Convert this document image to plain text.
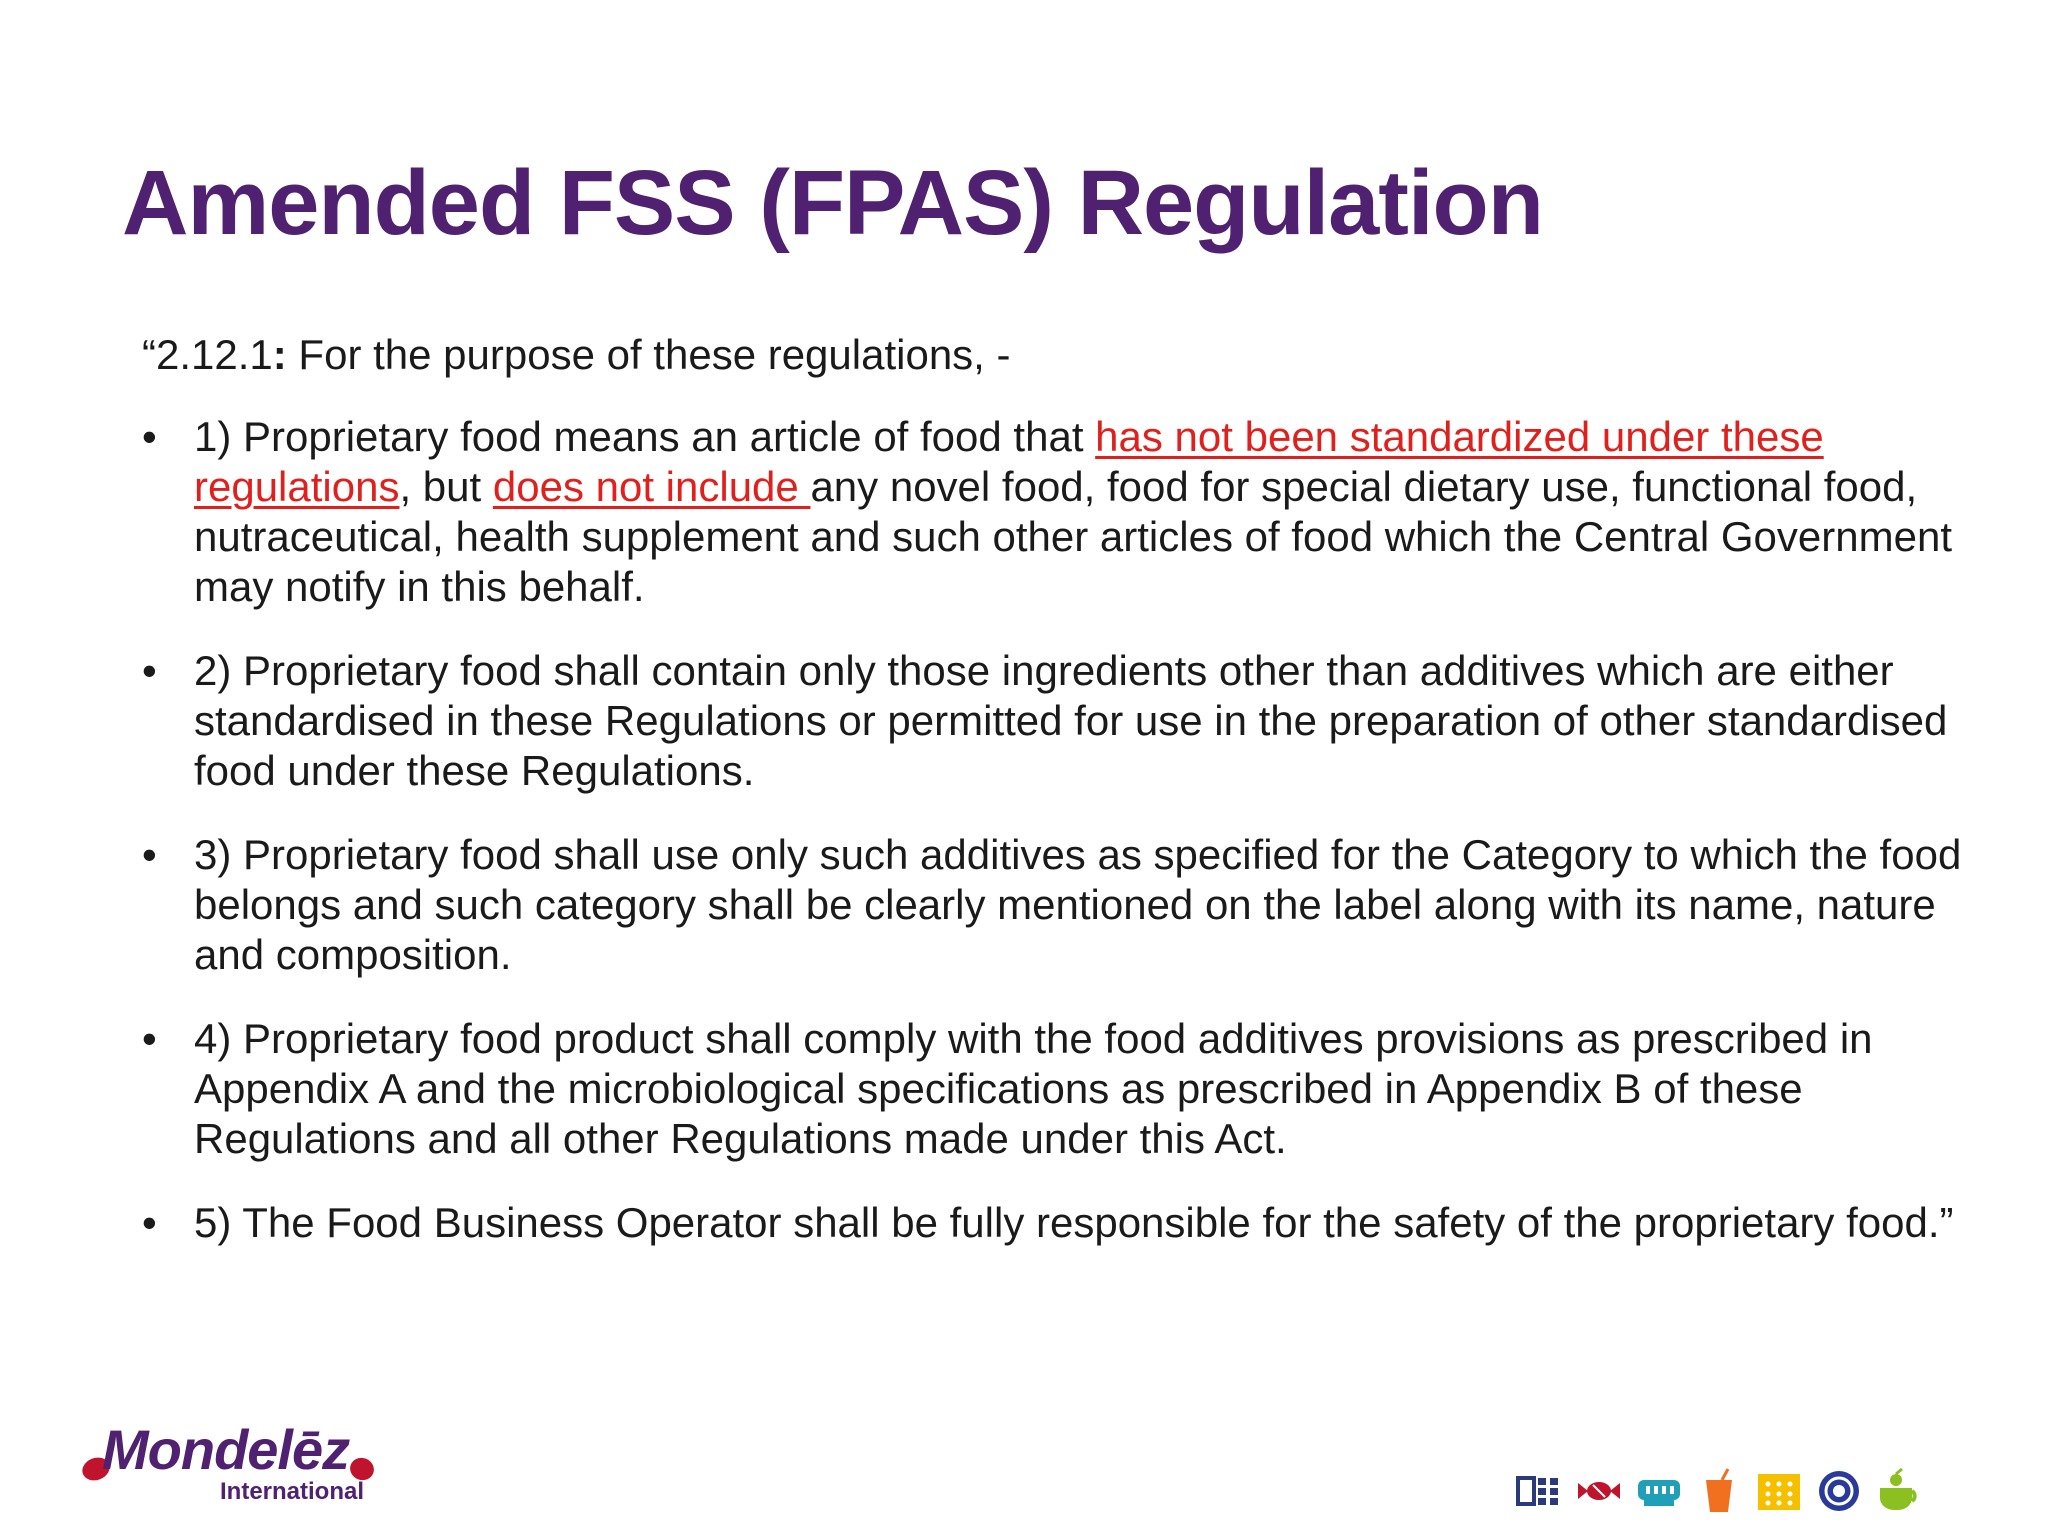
Amended FSS (FPAS) Regulation
“2.12.1: For the purpose of these regulations, -
• 1) Proprietary food means an article of food that has not been standardized under these regulations, but does not include any novel food, food for special dietary use, functional food, nutraceutical, health supplement and such other articles of food which the Central Government may notify in this behalf.
• 2) Proprietary food shall contain only those ingredients other than additives which are either standardised in these Regulations or permitted for use in the preparation of other standardised food under these Regulations.
• 3) Proprietary food shall use only such additives as specified for the Category to which the food belongs and such category shall be clearly mentioned on the label along with its name, nature and composition.
• 4) Proprietary food product shall comply with the food additives provisions as prescribed in Appendix A and the microbiological specifications as prescribed in Appendix B of these Regulations and all other Regulations made under this Act.
• 5) The Food Business Operator shall be fully responsible for the safety of the proprietary food.”
Mondelēz
International
